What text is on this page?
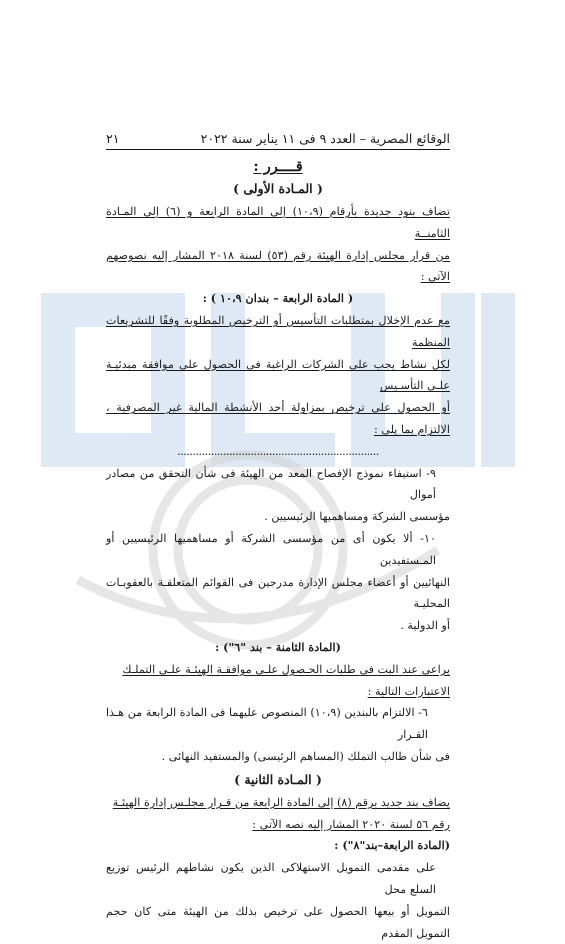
الوقائع المصرية – العدد ٩ فى ١١ يناير سنة ٢٠٢٢
٢١

قــــرر :

( المـادة الأولى )

تضاف بنود جديدة بأرقام (١٠،٩) إلى المادة الرابعة و (٦) إلى المـادة الثامنــة

من قرار مجلس إدارة الهيئة رقم (٥٣) لسنة ٢٠١٨ المشار إليه نصوصهم الآتى :

( المادة الرابعة – بندان ١٠،٩ ) :

مع عدم الإخلال بمتطلبات التأسيس أو الترخيص المطلوبة وفقًا للتشريعات المنظمة

لكل نشاط يجب على الشركات الراغبة فى الحصول على موافقة مبدئيـة علـى التأسـيس

أو الحصول على ترخيص بمزاولة أحد الأنشطة المالية غير المصرفية ، الالتزام بما يلى :

..................................................................

٩- استيفاء نموذج الإفصاح المعد من الهيئة فى شأن التحقق من مصادر أموال

مؤسسى الشركة ومساهميها الرئيسيين .

١٠- ألا يكون أى من مؤسسى الشركة أو مساهميها الرئيسيين أو المـستفيدين

النهائيين أو أعضاء مجلس الإدارة مدرجين فى القوائم المتعلقـة بالعقوبـات المحليـة

أو الدولية .

(المادة الثامنة – بند "٦") :

يراعى عند البت فى طلبات الحـصول علـى موافقـة الهيئـة علـى التملـك

الاعتبارات التالية :

٦- الالتزام بالبندين (١٠،٩) المنصوص عليهما فى المادة الرابعة من هـذا القـرار

فى شأن طالب التملك (المساهم الرئيسى) والمستفيد النهائى .

( المـادة الثانية )

يضاف بند جديد برقم (٨) إلى المادة الرابعة من قـرار مجلـس إدارة الهيئـة

رقم ٥٦ لسنة ٢٠٢٠ المشار إليه نصه الآتى :

(المادة الرابعة–بند"٨") :

على مقدمى التمويل الاستهلاكى الذين يكون نشاطهم الرئيس توزيع السلع محل

التمويل أو بيعها الحصول على ترخيص بذلك من الهيئة متى كان حجم التمويل المقدم
